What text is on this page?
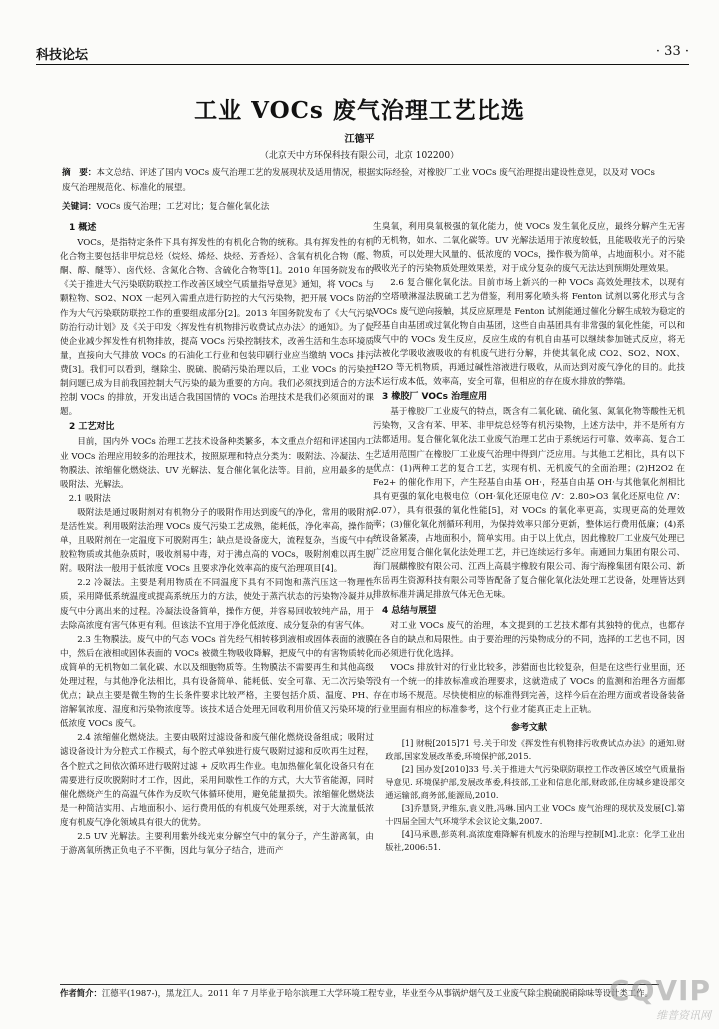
科技论坛	· 33 ·
工业 VOCs 废气治理工艺比选
江德平
（北京天中方环保科技有限公司，北京 102200）
摘　要：本文总结、评述了国内 VOCs 废气治理工艺的发展现状及适用情况，根据实际经验，对橡胶厂工业 VOCs 废气治理提出建设性意见，以及对 VOCs 废气治理规范化、标准化的展望。
关键词：VOCs 废气治理；工艺对比；复合催化氧化法
1 概述

VOCs，是指特定条件下具有挥发性的有机化合物的统称。具有挥发性的有机化合物主要包括非甲烷总烃（烷烃、烯烃、炔烃、芳香烃）、含氧有机化合物（醛、酮、醇、醚等）、卤代烃、含氮化合物、含硫化合物等[1]。2010 年国务院发布的《关于推进大气污染联防联控工作改善区域空气质量指导意见》通知，将 VOCs 与颗粒物、SO2、NOX 一起列入需重点进行防控的大气污染物，把开展 VOCs 防治作为大气污染联防联控工作的重要组成部分[2]。2013 年国务院发布了《大气污染防治行动计划》及《关于印发〈挥发性有机物排污收费试点办法〉的通知》。为了促使企业减少挥发性有机物排放，提高 VOCs 污染控制技术，改善生活和生态环境质量，直接向大气排放 VOCs 的石油化工行业和包装印刷行业应当缴纳 VOCs 排污费[3]。我们可以看到，继除尘、脱硫、脱硝污染治理以后，工业 VOCs 的污染控制问题已成为目前我国控制大气污染的最为重要的方向。我们必须找到适合的方法控制 VOCs 的排放，开发出适合我国国情的 VOCs 治理技术是我们必须面对的课题。

2 工艺对比

目前，国内外 VOCs 治理工艺技术设备种类繁多，本文重点介绍和评述国内工业 VOCs 治理应用较多的治理技术，按照原理和特点分类为：吸附法、冷凝法、生物膜法、浓缩催化燃烧法、UV 光解法、复合催化氧化法等。目前，应用最多的是吸附法、光解法。

2.1 吸附法

吸附法是通过吸附剂对有机物分子的吸附作用达到废气的净化，常用的吸附剂是活性炭。利用吸附法治理 VOCs 废气污染工艺成熟，能耗低，净化率高，操作简单，且吸附剂在一定温度下可脱附再生；缺点是设备庞大，流程复杂，当废气中有胶粒物质或其他杂质时，吸收剂易中毒，对于沸点高的 VOCs，吸附剂难以再生脱附。吸附法一般用于低浓度 VOCs 且要求净化效率高的废气治理项目[4]。

2.2 冷凝法。主要是利用物质在不同温度下具有不同饱和蒸汽压这一物理性质，采用降低系统温度或提高系统压力的方法，使处于蒸汽状态的污染物冷凝并从废气中分离出来的过程。冷凝法设备简单，操作方便，并容易回收较纯产品，用于去除高浓度有害气体更有利。但该法不宜用于净化低浓度、成分复杂的有害气体。

2.3 生物膜法。废气中的气态 VOCs 首先经气相转移到液相或固体表面的液膜中，然后在液相或固体表面的 VOCs 被微生物吸收降解，把废气中的有害物质转化成简单的无机物如二氧化碳、水以及细胞物质等。生物膜法不需要再生和其他高级处理过程，与其他净化法相比，具有设备简单、能耗低、安全可靠、无二次污染等优点；缺点主要是微生物的生长条件要求比较严格，主要包括介质、温度、PH、溶解氧浓度、湿度和污染物浓度等。该技术适合处理无回收利用价值又污染环境的低浓度 VOCs 废气。

2.4 浓缩催化燃烧法。主要由吸附过滤设备和废气催化燃烧设备组成；吸附过滤设备设计为分腔式工作模式，每个腔式单独进行废气吸附过滤和反吹再生过程，各个腔式之间依次循环进行吸附过滤 + 反吹再生作业。电加热催化氧化设备只有在需要进行反吹脱附时才工作，因此，采用间歇性工作的方式，大大节省能源，同时催化燃烧产生的高温气体作为反吹气体循环使用，避免能量损失。浓缩催化燃烧法是一种简洁实用、占地面积小、运行费用低的有机废气处理系统，对于大流量低浓度有机废气净化领域具有很大的优势。

2.5 UV 光解法。主要利用紫外线光束分解空气中的氧分子，产生游离氧，由于游离氧所携正负电子不平衡，因此与氧分子结合，进而产

生臭氧，利用臭氧极强的氧化能力，使 VOCs 发生氧化反应，最终分解产生无害的无机物，如水、二氧化碳等。UV 光解法适用于浓度较低，且能吸收光子的污染物质，可以处理大风量的、低浓度的 VOCs，操作极为简单，占地面积小。对不能吸收光子的污染物质处理效果差，对于成分复杂的废气无法达到预期处理效果。

2.6 复合催化氧化法。目前市场上新兴的一种 VOCs 高效处理技术，以现有的空塔喷淋湿法脱硫工艺为借鉴，利用雾化喷头将 Fenton 试剂以雾化形式与含 VOCs 废气逆向接触，其反应原理是 Fenton 试剂能通过催化分解生成较为稳定的羟基自由基团或过氧化物自由基团，这些自由基团具有非常强的氧化性能，可以和废气中的 VOCs 发生反应，反应生成的有机自由基可以继续参加链式反应，将无法被化学吸收液吸收的有机废气进行分解，并使其氧化成 CO2、SO2、NOX、H2O 等无机物质，再通过碱性溶液进行吸收，从而达到对废气净化的目的。此技术运行成本低，效率高，安全可靠，但相应的存在废水排放的弊端。

3 橡胶厂 VOCs 治理应用

基于橡胶厂工业废气的特点，既含有二氧化硫、硫化氢、氮氧化物等酸性无机污染物，又含有苯、甲苯、非甲烷总烃等有机污染物，上述方法中，并不是所有方法都适用。复合催化氧化法工业废气治理工艺由于系统运行可靠、效率高、复合工艺适用范围广在橡胶厂工业废气治理中得到广泛应用。与其他工艺相比，具有以下优点：(1)两种工艺的复合工艺，实现有机、无机废气的全面治理；(2)H2O2 在 Fe2+ 的催化作用下，产生羟基自由基 OH·，羟基自由基 OH·与其他氧化剂相比具有更强的氧化电极电位（OH·氧化还原电位 /V：2.80>O3 氧化还原电位 /V：2.07），具有很强的氧化性能[5]，对 VOCs 的氧化率更高，实现更高的处理效率；(3)催化氧化剂循环利用，为保持效率只部分更新，整体运行费用低廉；(4)系统设备紧凑，占地面积小，简单实用。由于以上优点，因此橡胶厂工业废气处理已广泛应用复合催化氧化法处理工艺，并已连续运行多年。南通回力集团有限公司、海门展麒橡胶有限公司、江西上高晨宇橡胶有限公司、海宁海橡集团有限公司、新东岳再生资源科技有限公司等皆配备了复合催化氧化法处理工艺设备，处理皆达到排放标准并满足排放气体无色无味。

4 总结与展望

对工业 VOCs 废气的治理，本文提到的工艺技术都有其独特的优点，也都存在各自的缺点和局限性。由于要治理的污染物成分的不同，选择的工艺也不同，因而必须进行优化选择。

VOCs 排放针对的行业比较多，涉猎面也比较复杂，但是在这些行业里面，还没有一个统一的排放标准或治理要求，这就造成了 VOCs 的监测和治理各方面都存在市场不规范。尽快使相应的标准得到完善，这样今后在治理方面或者设备装备行业里面有相应的标准参考，这个行业才能真正走上正轨。

参考文献

[1] 财税[2015]71 号.关于印发《挥发性有机物排污收费试点办法》的通知.财政部,国家发展改革委,环境保护部,2015.

[2] 国办发[2010]33 号.关于推进大气污染联防联控工作改善区域空气质量指导意见. 环境保护部,发展改革委,科技部,工业和信息化部,财政部,住房城乡建设部交通运输部,商务部,能源局,2010.

[3]乔慧贤,尹维东,袁义胜,冯琳.国内工业 VOCs 废气治理的现状及发展[C].第十四届全国大气环境学术会议论文集,2007.

[4]马承愚,彭英利.高浓度难降解有机废水的治理与控制[M].北京：化学工业出版社,2006:51.

作者简介：江德平(1987-)，黑龙江人。2011 年 7 月毕业于哈尔滨理工大学环境工程专业，毕业至今从事锅炉烟气及工业废气除尘脱硫脱硝除味等设计类工作。
CQVIP
维普资讯网
